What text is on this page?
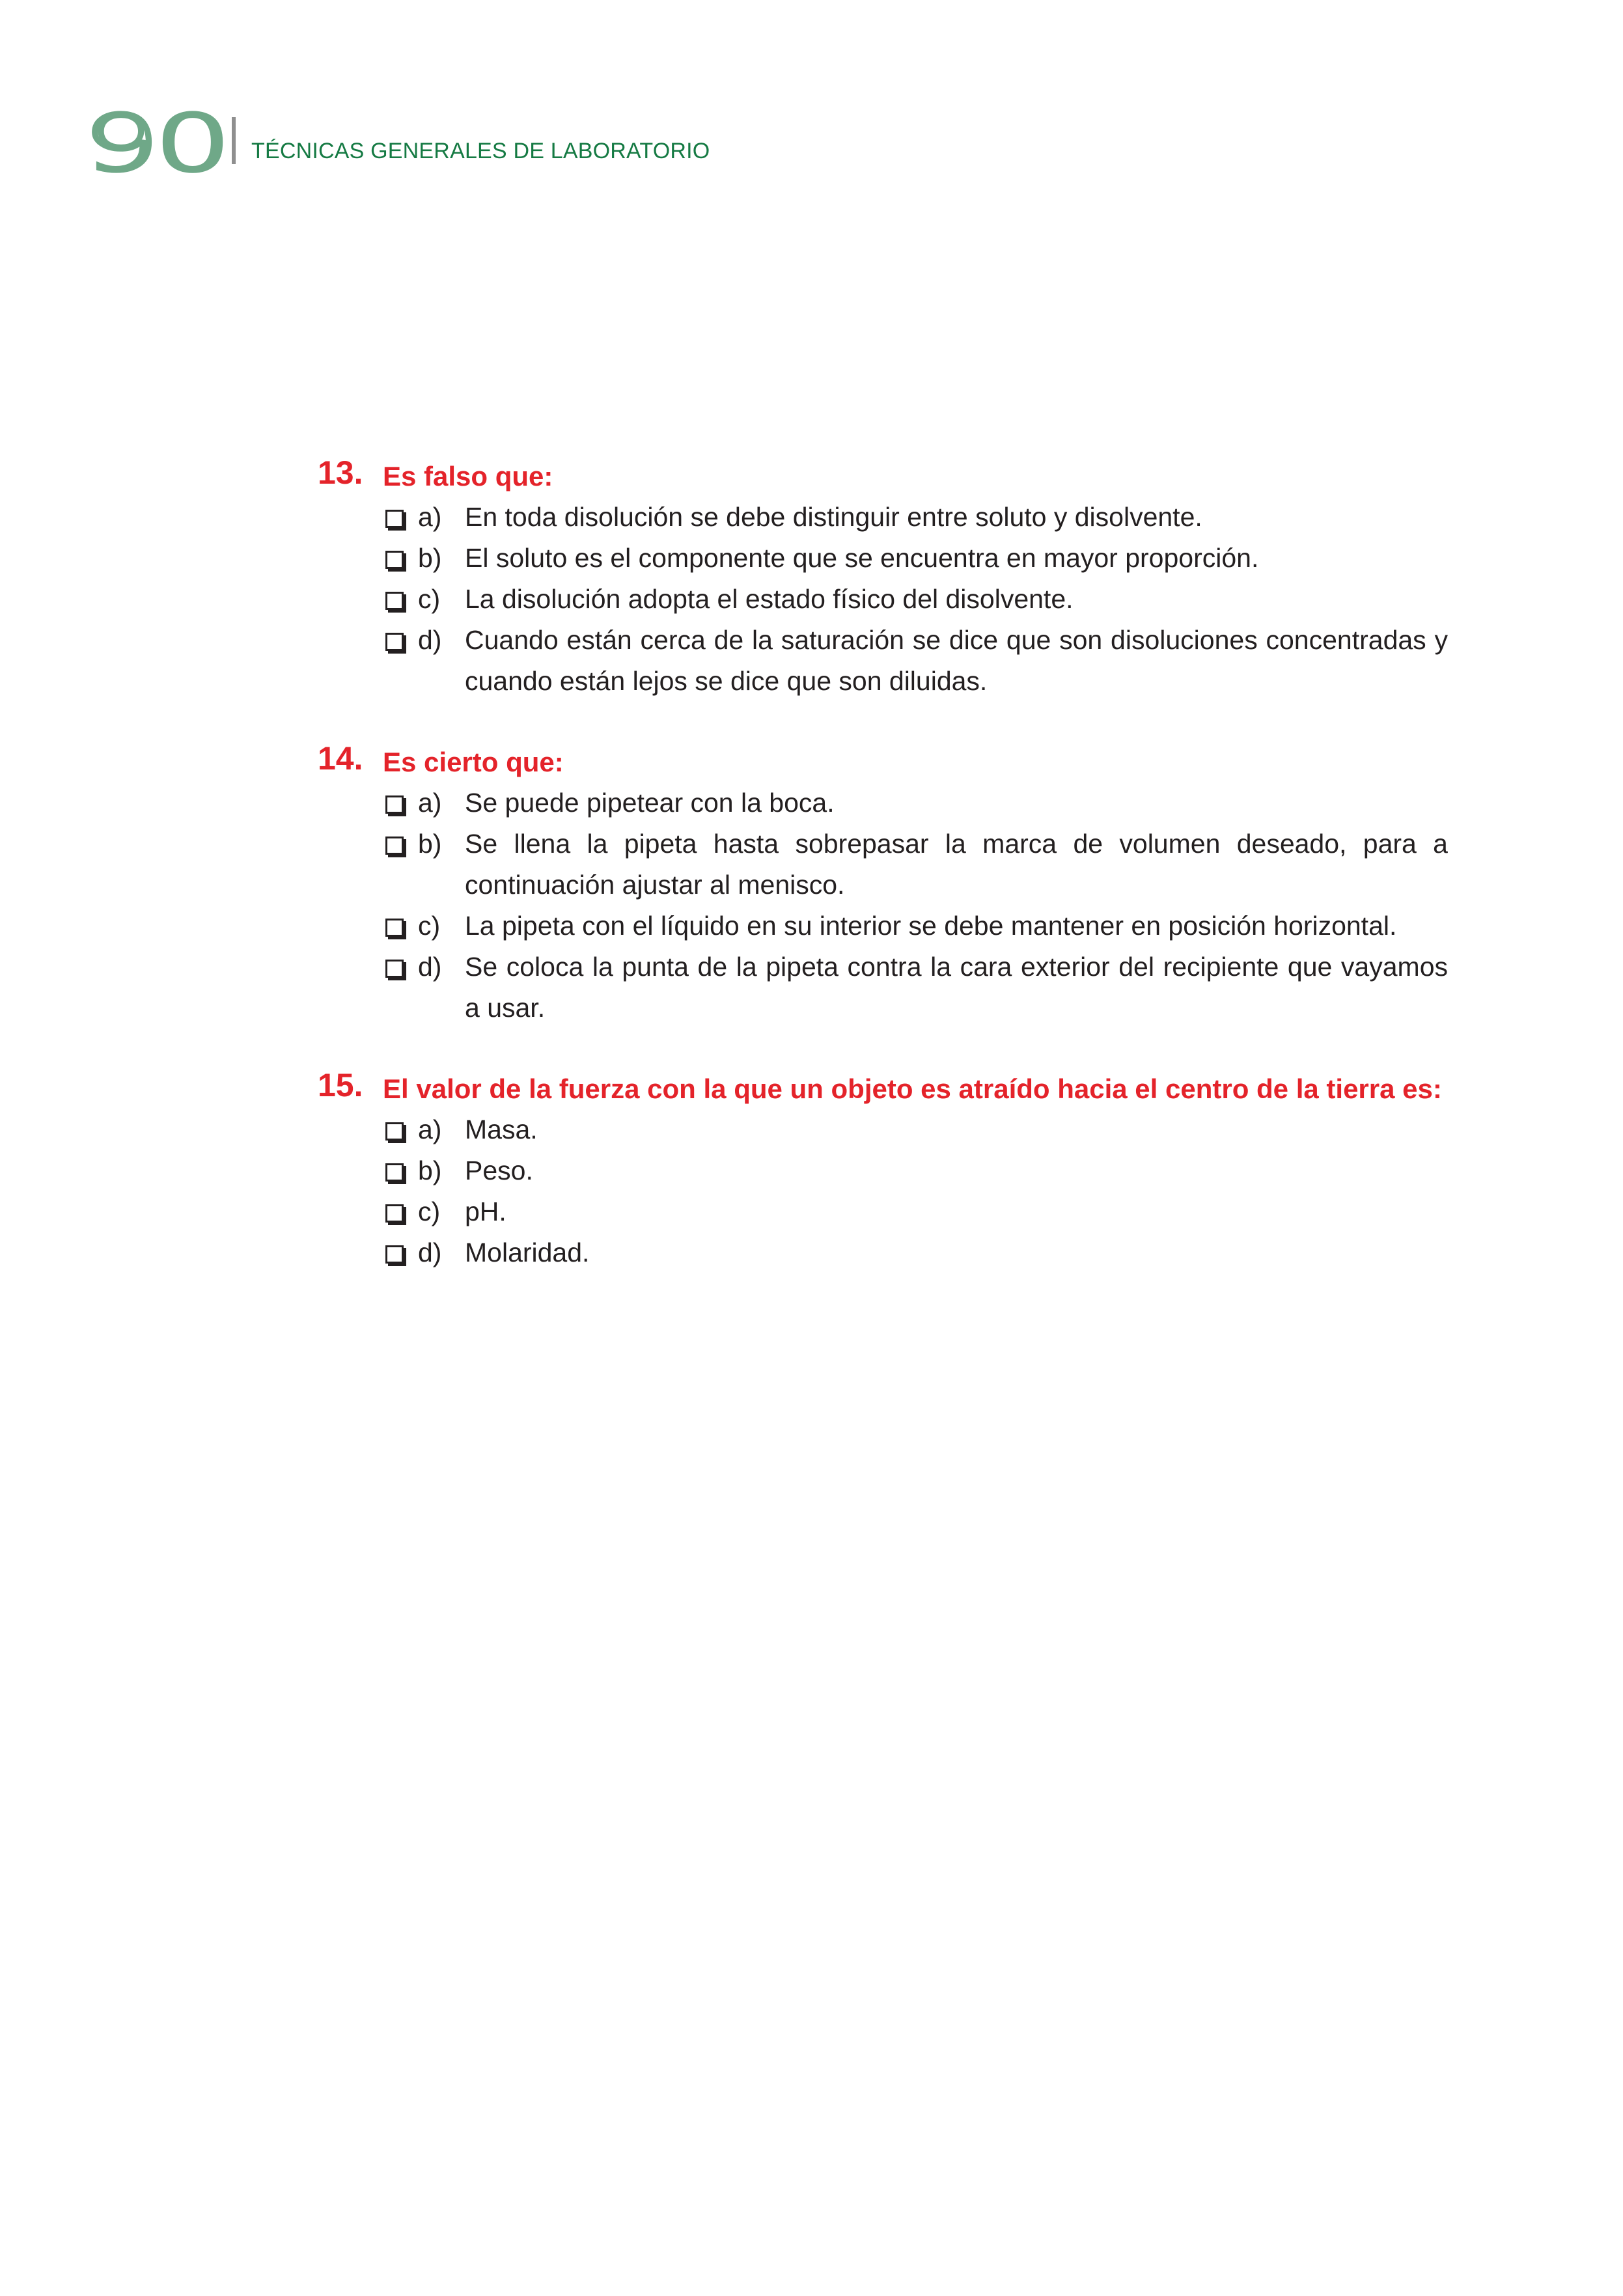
90 TÉCNICAS GENERALES DE LABORATORIO
13. Es falso que:
a) En toda disolución se debe distinguir entre soluto y disolvente.
b) El soluto es el componente que se encuentra en mayor proporción.
c) La disolución adopta el estado físico del disolvente.
d) Cuando están cerca de la saturación se dice que son disoluciones concentradas y cuando están lejos se dice que son diluidas.
14. Es cierto que:
a) Se puede pipetear con la boca.
b) Se llena la pipeta hasta sobrepasar la marca de volumen deseado, para a continuación ajustar al menisco.
c) La pipeta con el líquido en su interior se debe mantener en posición horizontal.
d) Se coloca la punta de la pipeta contra la cara exterior del recipiente que vayamos a usar.
15. El valor de la fuerza con la que un objeto es atraído hacia el centro de la tierra es:
a) Masa.
b) Peso.
c) pH.
d) Molaridad.
